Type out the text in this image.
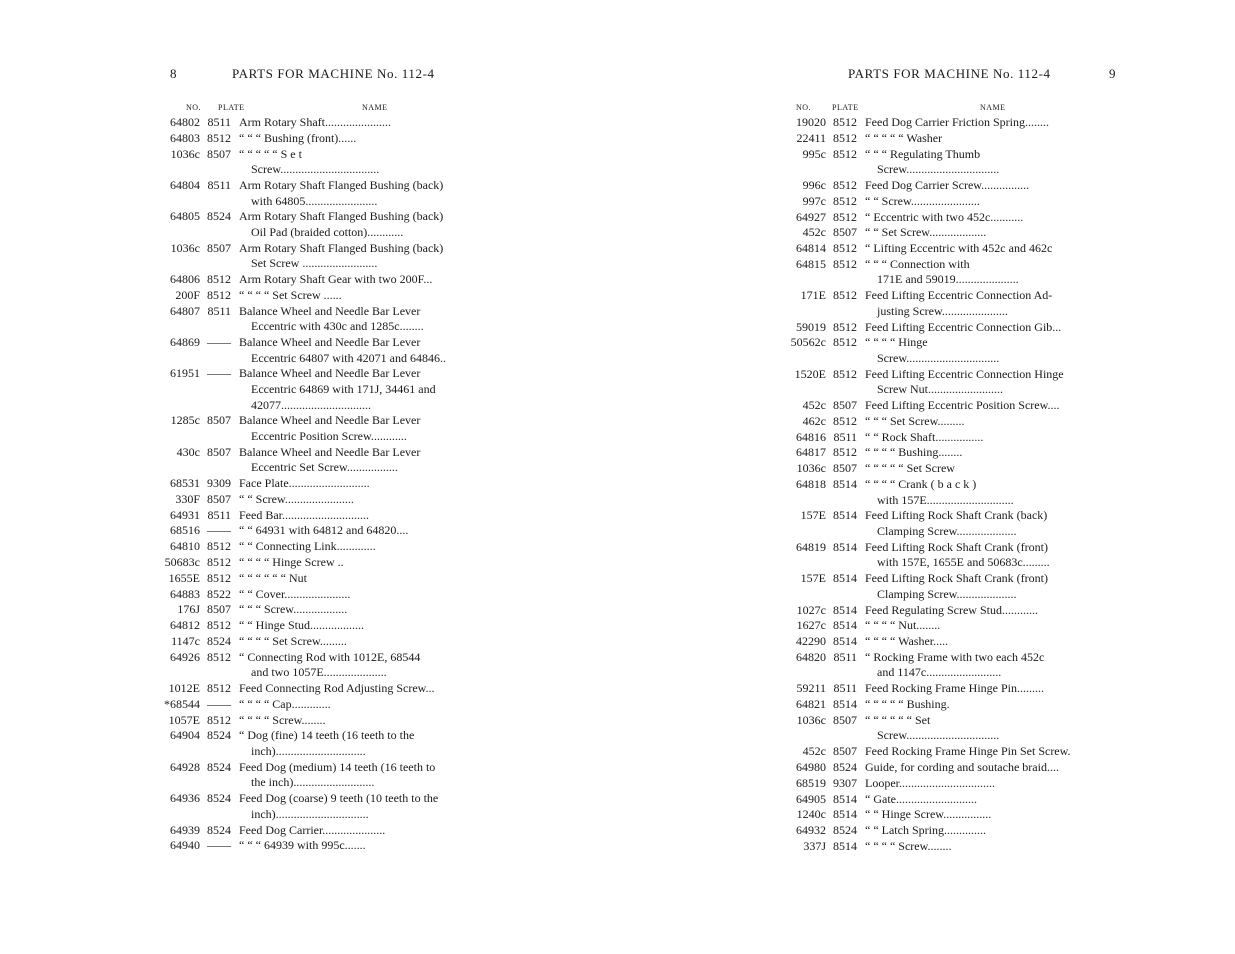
8	PARTS FOR MACHINE No. 112-4
NO. PLATE	NAME
64802 8511 Arm Rotary Shaft......................
64803 8512 “ “ “ Bushing (front)......
1036c 8507 “ “ “ “ “ S e t
Screw.................................
64804 8511 Arm Rotary Shaft Flanged Bushing (back)
with 64805........................
64805 8524 Arm Rotary Shaft Flanged Bushing (back)
Oil Pad (braided cotton)............
1036c 8507 Arm Rotary Shaft Flanged Bushing (back)
Set Screw .........................
64806 8512 Arm Rotary Shaft Gear with two 200F...
200F 8512 “ “ “ “ Set Screw ......
64807 8511 Balance Wheel and Needle Bar Lever
Eccentric with 430c and 1285c........
64869 —— Balance Wheel and Needle Bar Lever
Eccentric 64807 with 42071 and 64846..
61951 —— Balance Wheel and Needle Bar Lever
Eccentric 64869 with 171J, 34461 and
42077..............................
1285c 8507 Balance Wheel and Needle Bar Lever
Eccentric Position Screw............
430c 8507 Balance Wheel and Needle Bar Lever
Eccentric Set Screw.................
68531 9309 Face Plate...........................
330F 8507 “ “ Screw.......................
64931 8511 Feed Bar.............................
68516 —— “ “ 64931 with 64812 and 64820....
64810 8512 “ “ Connecting Link.............
50683c 8512 “ “ “ “ Hinge Screw ..
1655E 8512 “ “ “ “ “ “ Nut
64883 8522 “ “ Cover......................
176J 8507 “ “ “ Screw..................
64812 8512 “ “ Hinge Stud..................
1147c 8524 “ “ “ “ Set Screw.........
64926 8512 “ Connecting Rod with 1012E, 68544
and two 1057E.....................
1012E 8512 Feed Connecting Rod Adjusting Screw...
*68544 —— “ “ “ “ Cap.............
1057E 8512 “ “ “ “ Screw........
64904 8524 “ Dog (fine) 14 teeth (16 teeth to the
inch)..............................
64928 8524 Feed Dog (medium) 14 teeth (16 teeth to
the inch)...........................
64936 8524 Feed Dog (coarse) 9 teeth (10 teeth to the
inch)...............................
64939 8524 Feed Dog Carrier.....................
64940 —— “ “ “ 64939 with 995c.......
PARTS FOR MACHINE No. 112-4	9
NO.	PLATE	NAME
19020 8512 Feed Dog Carrier Friction Spring........
22411 8512 “ “ “ “ “ Washer
995c 8512 “ “ “ Regulating Thumb
Screw...............................
996c 8512 Feed Dog Carrier Screw................
997c 8512 “ “ Screw.......................
64927 8512 “ Eccentric with two 452c...........
452c 8507 “ “ Set Screw...................
64814 8512 “ Lifting Eccentric with 452c and 462c
64815 8512 “ “ “ Connection with
171E and 59019.....................
171E 8512 Feed Lifting Eccentric Connection Ad-
justing Screw......................
59019 8512 Feed Lifting Eccentric Connection Gib...
50562c 8512 “ “ “ “ Hinge
Screw...............................
1520E 8512 Feed Lifting Eccentric Connection Hinge
Screw Nut.........................
452c 8507 Feed Lifting Eccentric Position Screw....
462c 8512 “ “ “ Set Screw.........
64816 8511 “ “ Rock Shaft................
64817 8512 “ “ “ “ Bushing........
1036c 8507 “ “ “ “ “ Set Screw
64818 8514 “ “ “ “ Crank ( b a c k )
with 157E.............................
157E 8514 Feed Lifting Rock Shaft Crank (back)
Clamping Screw....................
64819 8514 Feed Lifting Rock Shaft Crank (front)
with 157E, 1655E and 50683c.........
157E 8514 Feed Lifting Rock Shaft Crank (front)
Clamping Screw....................
1027c 8514 Feed Regulating Screw Stud............
1627c 8514 “ “ “ “ Nut........
42290 8514 “ “ “ “ Washer.....
64820 8511 “ Rocking Frame with two each 452c
and 1147c.........................
59211 8511 Feed Rocking Frame Hinge Pin.........
64821 8514 “ “ “ “ “ Bushing.
1036c 8507 “ “ “ “ “ “ Set
Screw...............................
452c 8507 Feed Rocking Frame Hinge Pin Set Screw.
64980 8524 Guide, for cording and soutache braid....
68519 9307 Looper................................
64905 8514 “ Gate...........................
1240c 8514 “ “ Hinge Screw................
64932 8524 “ “ Latch Spring..............
337J 8514 “ “ “ “ Screw........
